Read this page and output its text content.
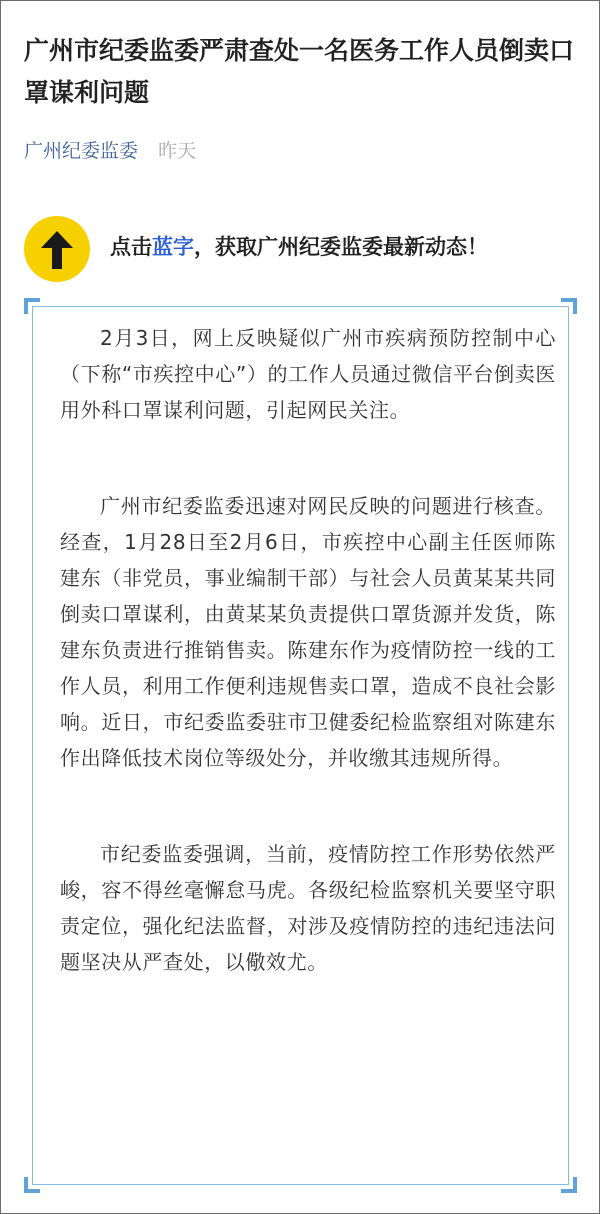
广州市纪委监委严肃查处一名医务工作人员倒卖口罩谋利问题
广州纪委监委 昨天
点击蓝字，获取广州纪委监委最新动态！

2月3日，网上反映疑似广州市疾病预防控制中心（下称“市疾控中心”）的工作人员通过微信平台倒卖医用外科口罩谋利问题，引起网民关注。

广州市纪委监委迅速对网民反映的问题进行核查。经查，1月28日至2月6日，市疾控中心副主任医师陈建东（非党员，事业编制干部）与社会人员黄某某共同倒卖口罩谋利，由黄某某负责提供口罩货源并发货，陈建东负责进行推销售卖。陈建东作为疫情防控一线的工作人员，利用工作便利违规售卖口罩，造成不良社会影响。近日，市纪委监委驻市卫健委纪检监察组对陈建东作出降低技术岗位等级处分，并收缴其违规所得。

市纪委监委强调，当前，疫情防控工作形势依然严峻，容不得丝毫懈怠马虎。各级纪检监察机关要坚守职责定位，强化纪法监督，对涉及疫情防控的违纪违法问题坚决从严查处，以儆效尤。
